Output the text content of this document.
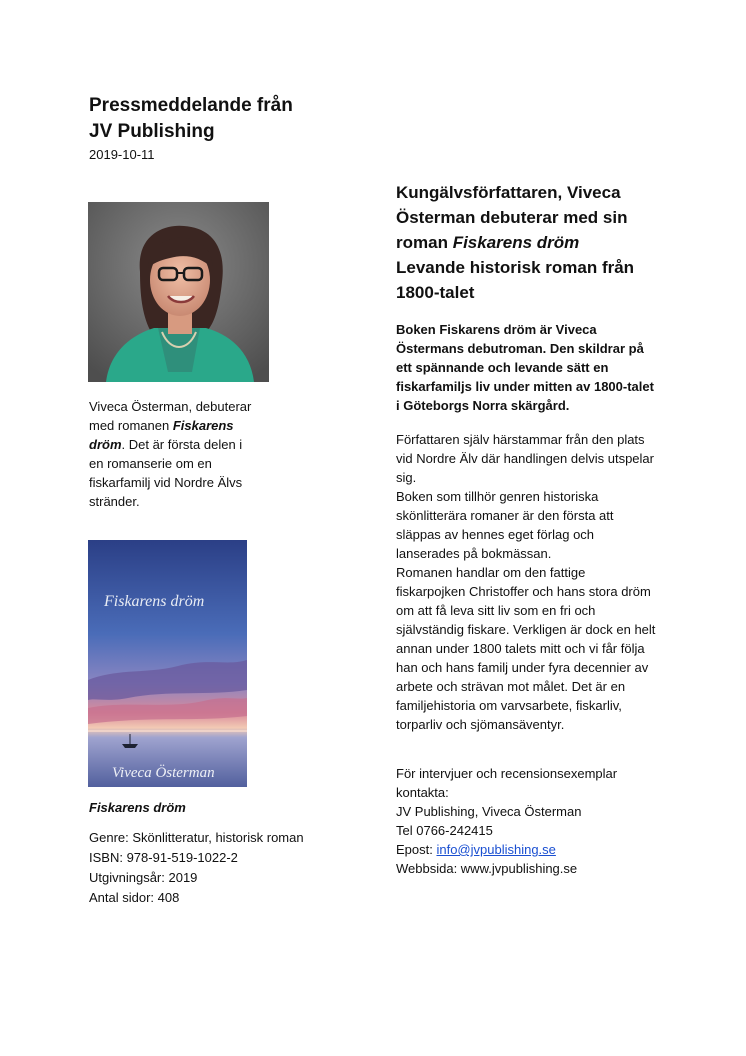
Pressmeddelande från
JV Publishing
2019-10-11
Viveca Österman, debuterar med romanen Fiskarens dröm. Det är första delen i en romanserie om en fiskarfamilj vid Nordre Älvs stränder.
Fiskarens dröm
Viveca Österman
Fiskarens dröm
Genre: Skönlitteratur, historisk roman
ISBN: 978-91-519-1022-2
Utgivningsår: 2019
Antal sidor: 408
Kungälvsförfattaren, Viveca Österman debuterar med sin roman Fiskarens dröm
Levande historisk roman från 1800-talet
Boken Fiskarens dröm är Viveca Östermans debutroman. Den skildrar på ett spännande och levande sätt en fiskarfamiljs liv under mitten av 1800-talet i Göteborgs Norra skärgård.

Författaren själv härstammar från den plats vid Nordre Älv där handlingen delvis utspelar sig.

Boken som tillhör genren historiska skönlitterära romaner är den första att släppas av hennes eget förlag och lanserades på bokmässan.

Romanen handlar om den fattige fiskarpojken Christoffer och hans stora dröm om att få leva sitt liv som en fri och självständig fiskare. Verkligen är dock en helt annan under 1800 talets mitt och vi får följa han och hans familj under fyra decennier av arbete och strävan mot målet. Det är en familjehistoria om varvsarbete, fiskarliv, torparliv och sjömansäventyr.

För intervjuer och recensionsexemplar kontakta:
JV Publishing, Viveca Österman
Tel 0766-242415
Epost: info@jvpublishing.se
Webbsida: www.jvpublishing.se
